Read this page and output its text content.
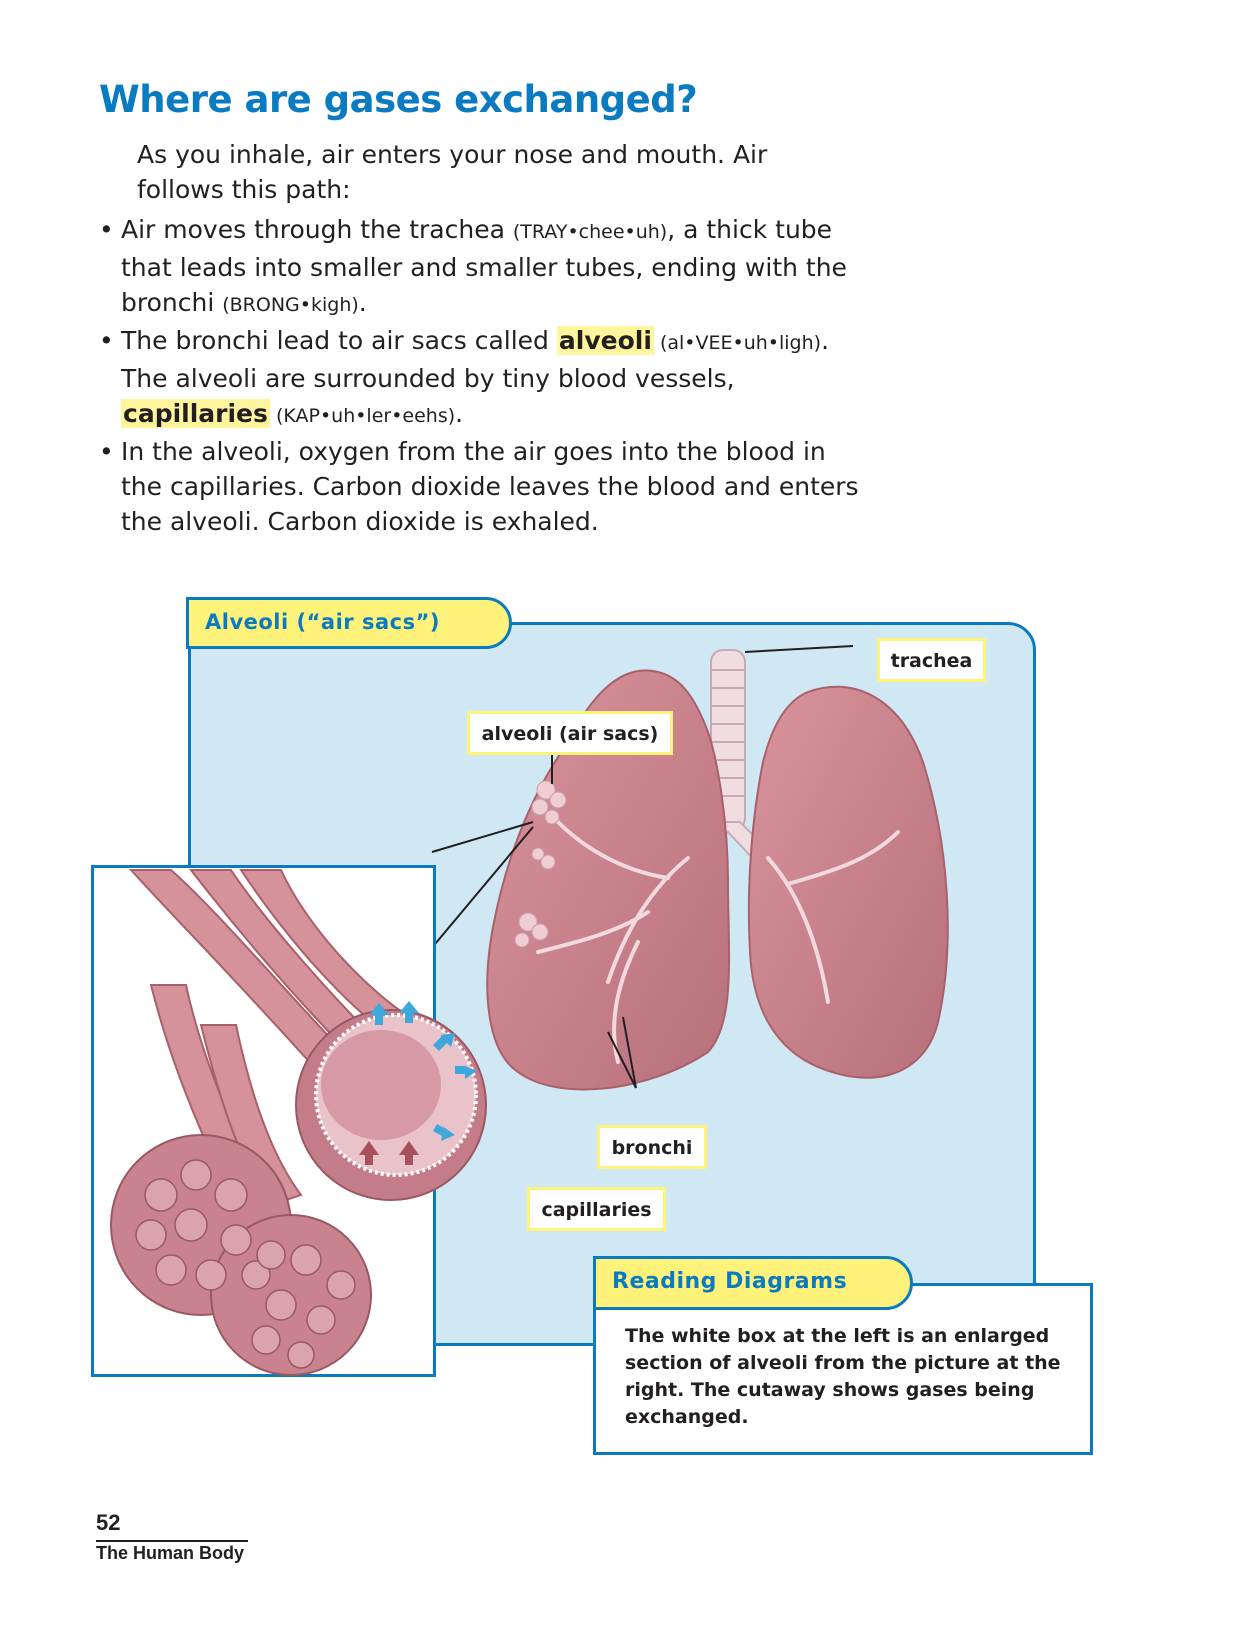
Where are gases exchanged?
As you inhale, air enters your nose and mouth. Air follows this path:
• Air moves through the trachea (TRAY•chee•uh), a thick tube that leads into smaller and smaller tubes, ending with the bronchi (BRONG•kigh).
• The bronchi lead to air sacs called alveoli (al•VEE•uh•ligh). The alveoli are surrounded by tiny blood vessels, capillaries (KAP•uh•ler•eehs).
• In the alveoli, oxygen from the air goes into the blood in the capillaries. Carbon dioxide leaves the blood and enters the alveoli. Carbon dioxide is exhaled.
Alveoli (“air sacs”)
trachea
alveoli (air sacs)
bronchi
capillaries
Reading Diagrams
The white box at the left is an enlarged section of alveoli from the picture at the right. The cutaway shows gases being exchanged.
52
The Human Body
